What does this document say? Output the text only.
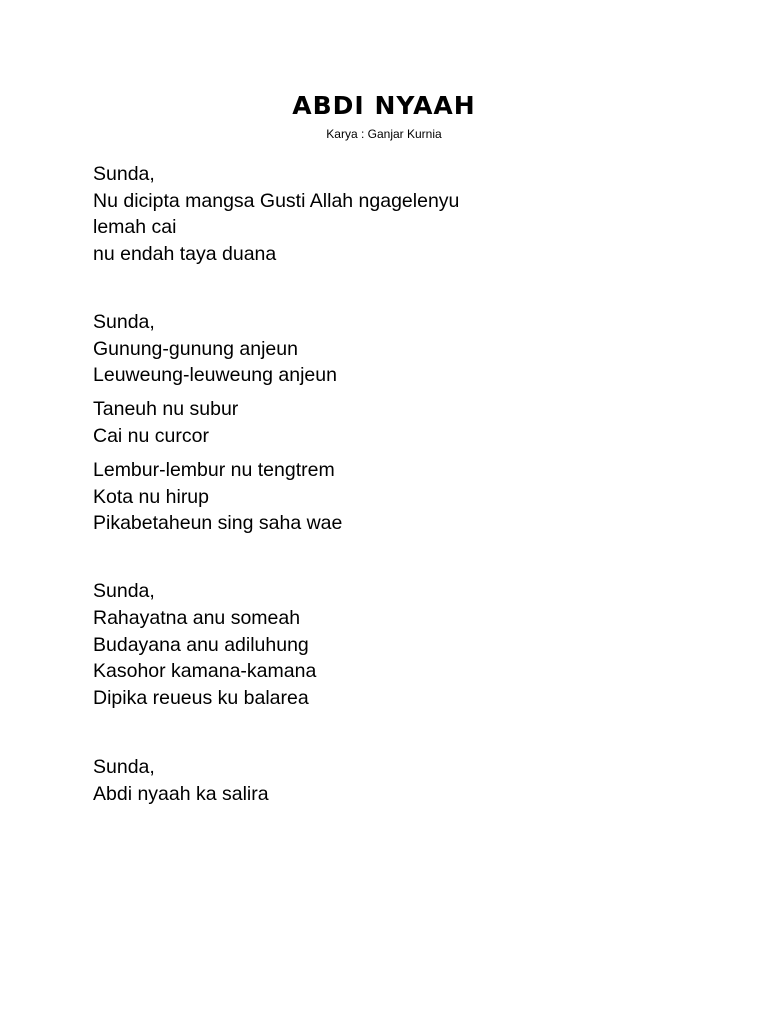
ABDI NYAAH

Karya : Ganjar Kurnia

Sunda,

Nu dicipta mangsa Gusti Allah ngagelenyu

lemah cai

nu endah taya duana

Sunda,

Gunung-gunung anjeun

Leuweung-leuweung anjeun

Taneuh nu subur

Cai nu curcor

Lembur-lembur nu tengtrem

Kota nu hirup

Pikabetaheun sing saha wae

Sunda,

Rahayatna anu someah

Budayana anu adiluhung

Kasohor kamana-kamana

Dipika reueus ku balarea

Sunda,

Abdi nyaah ka salira
